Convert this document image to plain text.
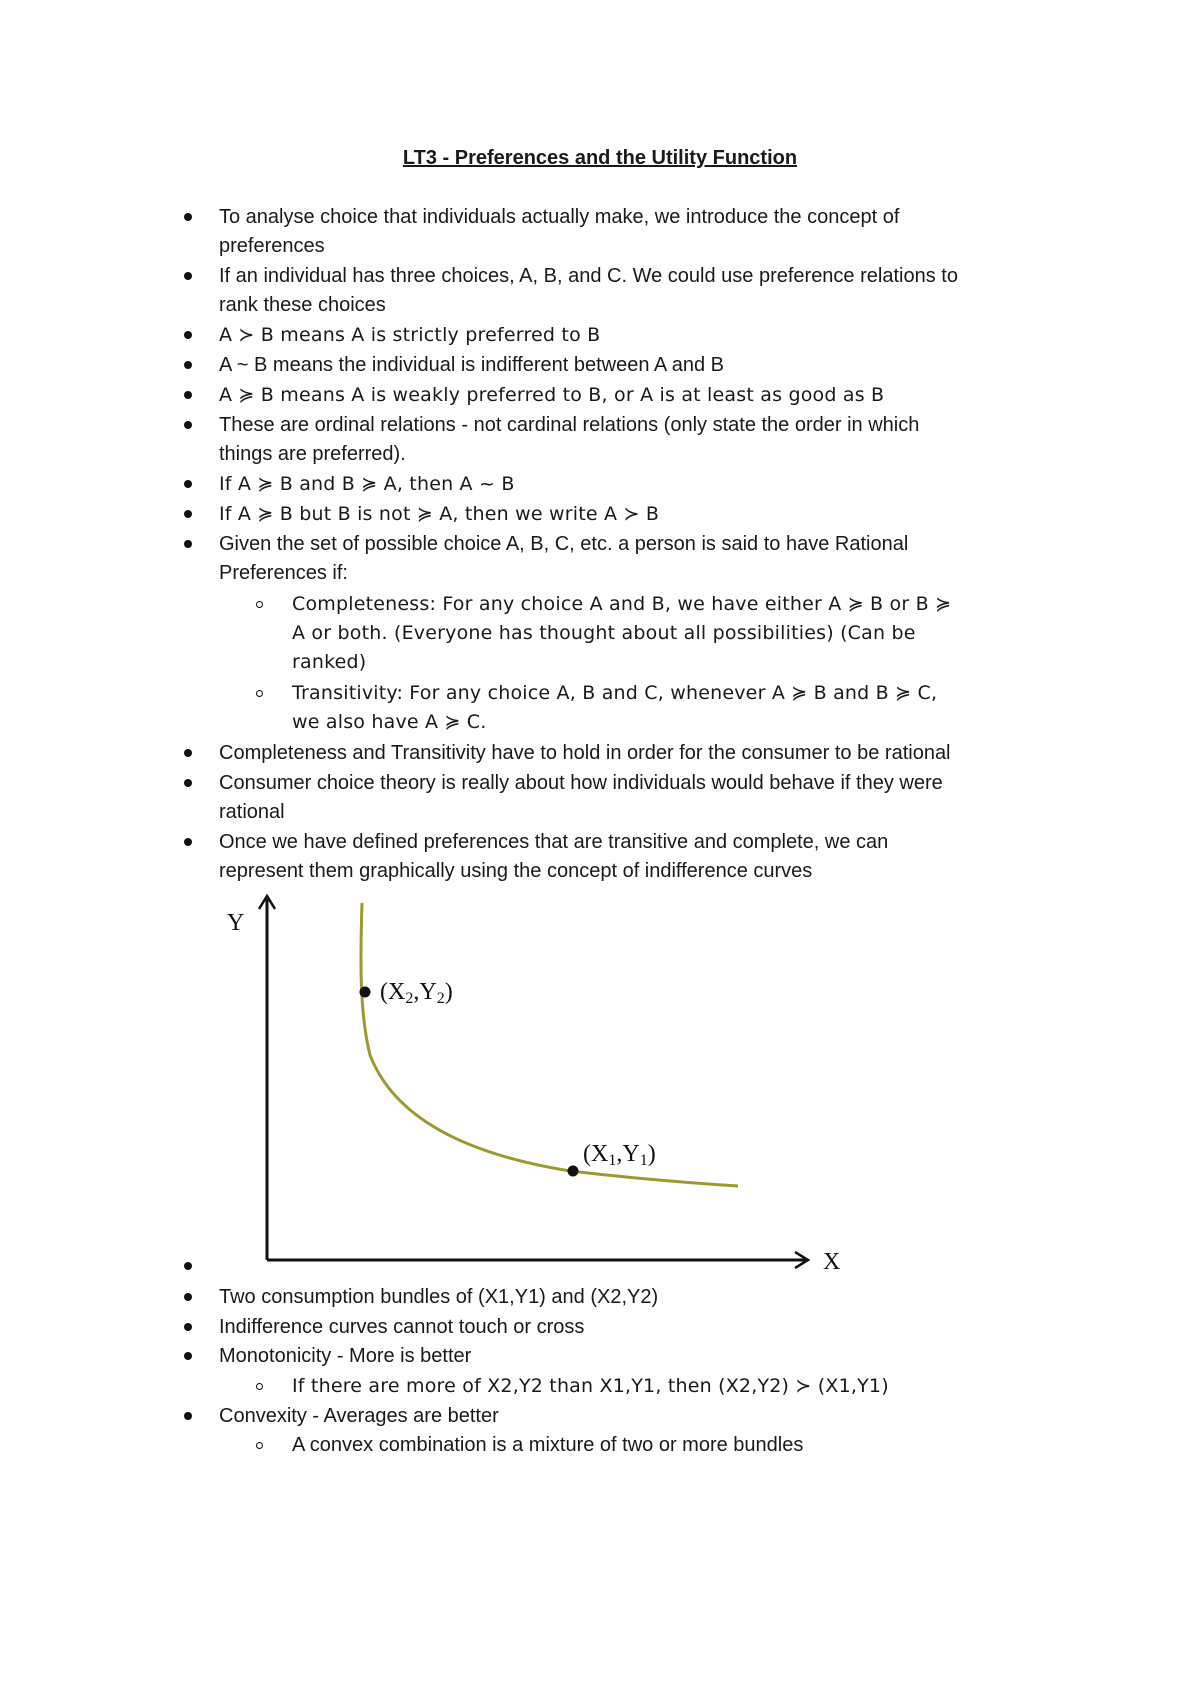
LT3 - Preferences and the Utility Function
To analyse choice that individuals actually make, we introduce the concept of
preferences
If an individual has three choices, A, B, and C. We could use preference relations to
rank these choices
A ≻ B means A is strictly preferred to B
A ~ B means the individual is indifferent between A and B
A ≽ B means A is weakly preferred to B, or A is at least as good as B
These are ordinal relations - not cardinal relations (only state the order in which
things are preferred).
If A ≽ B and B ≽ A, then A ~ B
If A ≽ B but B is not ≽ A, then we write A ≻ B
Given the set of possible choice A, B, C, etc. a person is said to have Rational
Preferences if:
Completeness: For any choice A and B, we have either A ≽ B or B ≽
A or both. (Everyone has thought about all possibilities) (Can be
ranked)
Transitivity: For any choice A, B and C, whenever A ≽ B and B ≽ C,
we also have A ≽ C.
Completeness and Transitivity have to hold in order for the consumer to be rational
Consumer choice theory is really about how individuals would behave if they were
rational
Once we have defined preferences that are transitive and complete, we can
represent them graphically using the concept of indifference curves
Two consumption bundles of (X1,Y1) and (X2,Y2)
Indifference curves cannot touch or cross
Monotonicity - More is better
If there are more of X2,Y2 than X1,Y1, then (X2,Y2) ≻ (X1,Y1)
Convexity - Averages are better
A convex combination is a mixture of two or more bundles
Y
X
(X2,Y2)
(X1,Y1)
